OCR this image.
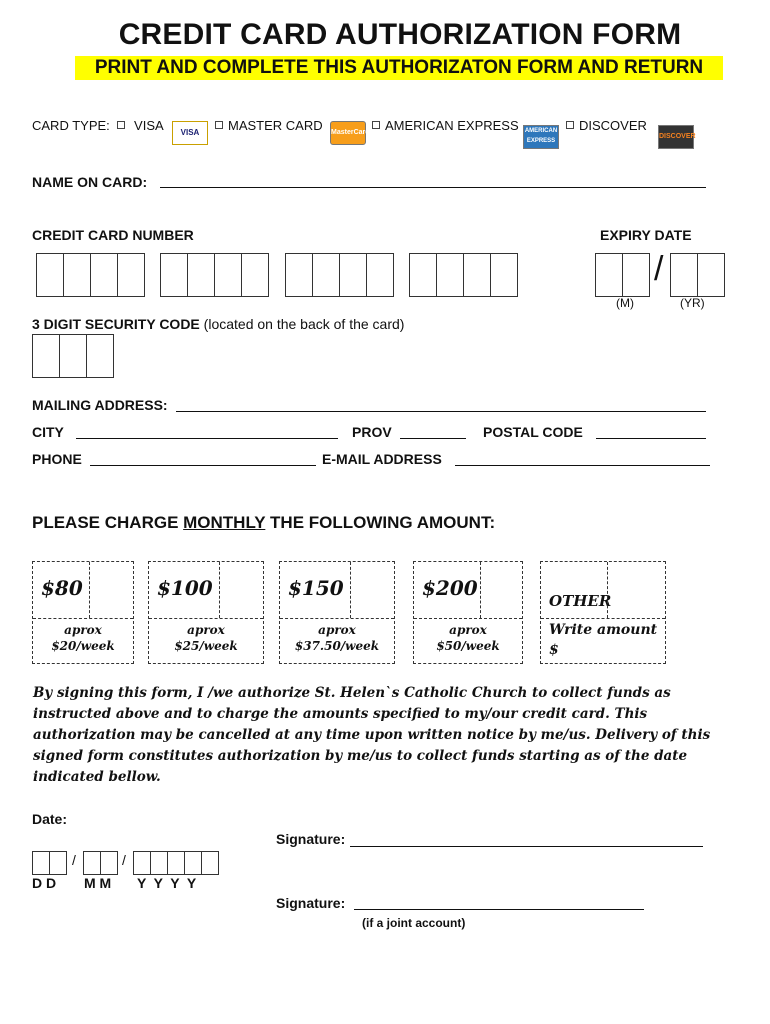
CREDIT CARD AUTHORIZATION FORM
PRINT AND COMPLETE THIS AUTHORIZATON FORM AND RETURN
CARD TYPE: VISA	VISA	MASTER CARD MasterCard	AMERICAN EXPRESS	AMERICAN EXPRESS
DISCOVER
DISCOVER
NAME ON CARD:
CREDIT CARD NUMBER	EXPIRY DATE
/
(M)	(YR)
3 DIGIT SECURITY CODE (located on the back of the card)
MAILING ADDRESS:
CITY	PROV	POSTAL CODE
PHONE	E-MAIL ADDRESS
PLEASE CHARGE MONTHLY THE FOLLOWING AMOUNT:
$80
aprox
$20/week
$100
aprox
$25/week
$150
aprox
$37.50/week
$200
aprox
$50/week
OTHER
Write amount
$
By signing this form, I /we authorize St. Helen`s Catholic Church to collect funds as instructed above and to charge the amounts specified to my/our credit card. This authorization may be cancelled at any time upon written notice by me/us. Delivery of this signed form constitutes authorization by me/us to collect funds starting as of the date indicated bellow.
Date:
/	/
D D M M Y  Y  Y  Y
Signature:
Signature:
(if a joint account)
